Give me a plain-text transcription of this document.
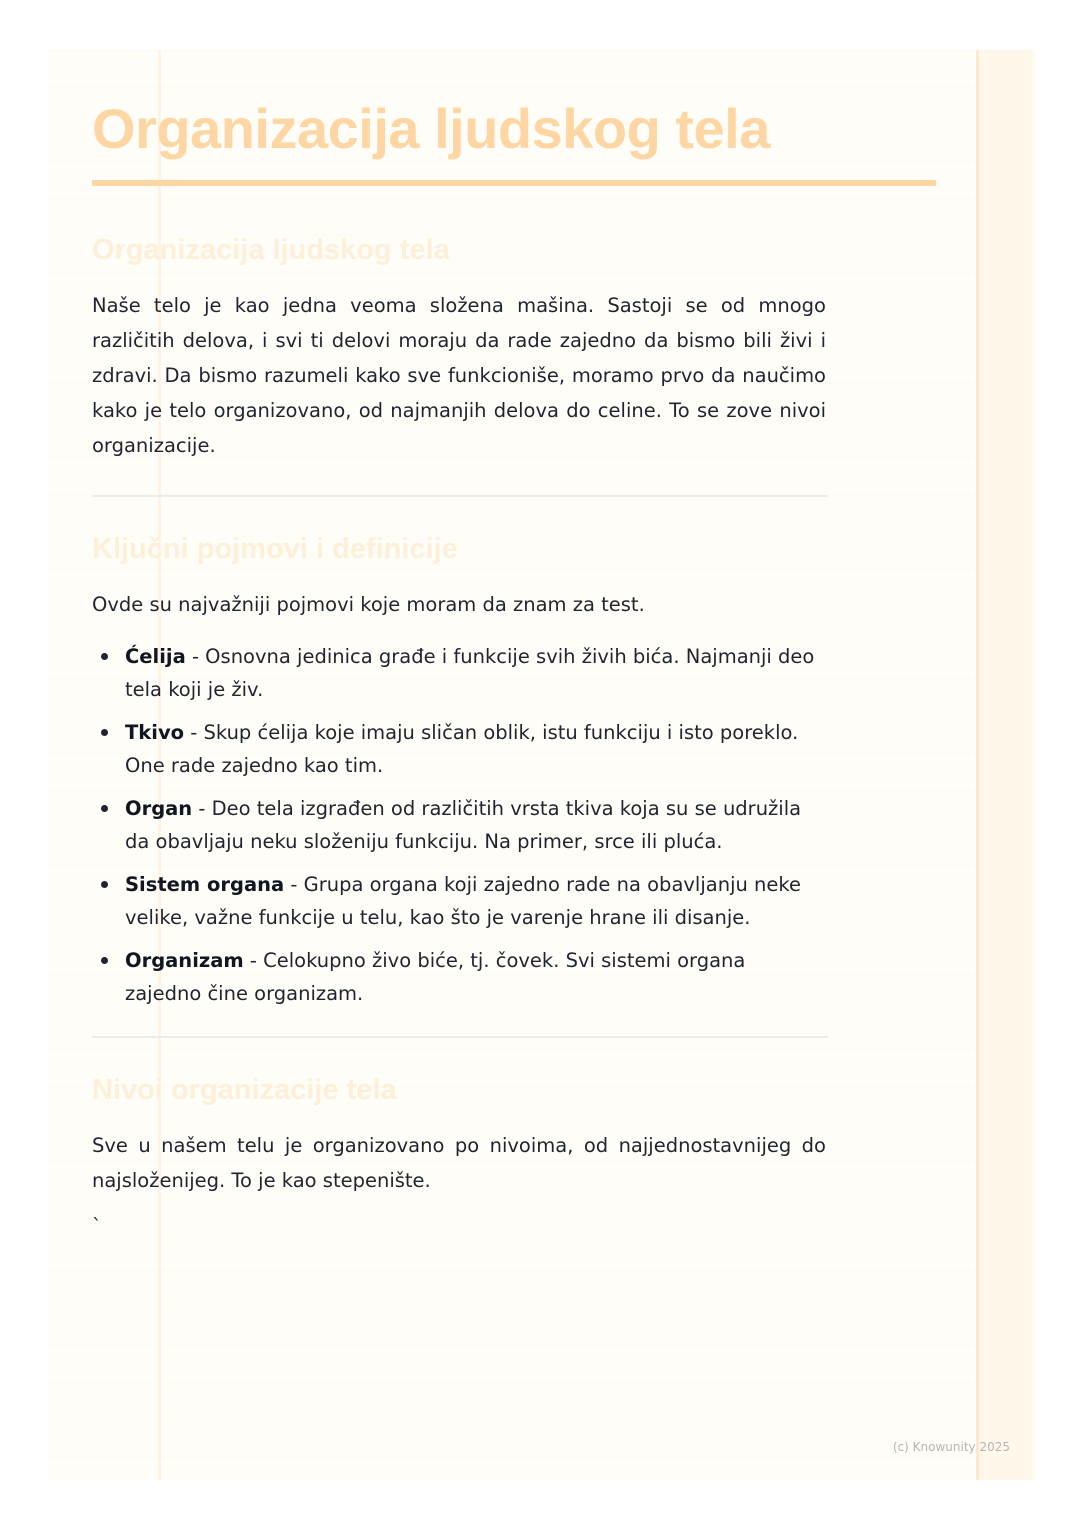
Organizacija ljudskog tela
Organizacija ljudskog tela

Naše telo je kao jedna veoma složena mašina. Sastoji se od mnogo različitih delova, i svi ti delovi moraju da rade zajedno da bismo bili živi i zdravi. Da bismo razumeli kako sve funkcioniše, moramo prvo da naučimo kako je telo organizovano, od najmanjih delova do celine. To se zove nivoi organizacije.

Ključni pojmovi i definicije

Ovde su najvažniji pojmovi koje moram da znam za test.

Ćelija - Osnovna jedinica građe i funkcije svih živih bića. Najmanji deo tela koji je živ.
Tkivo - Skup ćelija koje imaju sličan oblik, istu funkciju i isto poreklo. One rade zajedno kao tim.
Organ - Deo tela izgrađen od različitih vrsta tkiva koja su se udružila da obavljaju neku složeniju funkciju. Na primer, srce ili pluća.
Sistem organa - Grupa organa koji zajedno rade na obavljanju neke velike, važne funkcije u telu, kao što je varenje hrane ili disanje.
Organizam - Celokupno živo biće, tj. čovek. Svi sistemi organa zajedno čine organizam.
Nivoi organizacije tela

Sve u našem telu je organizovano po nivoima, od najjednostavnijeg do najsloženijeg. To je kao stepenište.

`
(c) Knowunity 2025
